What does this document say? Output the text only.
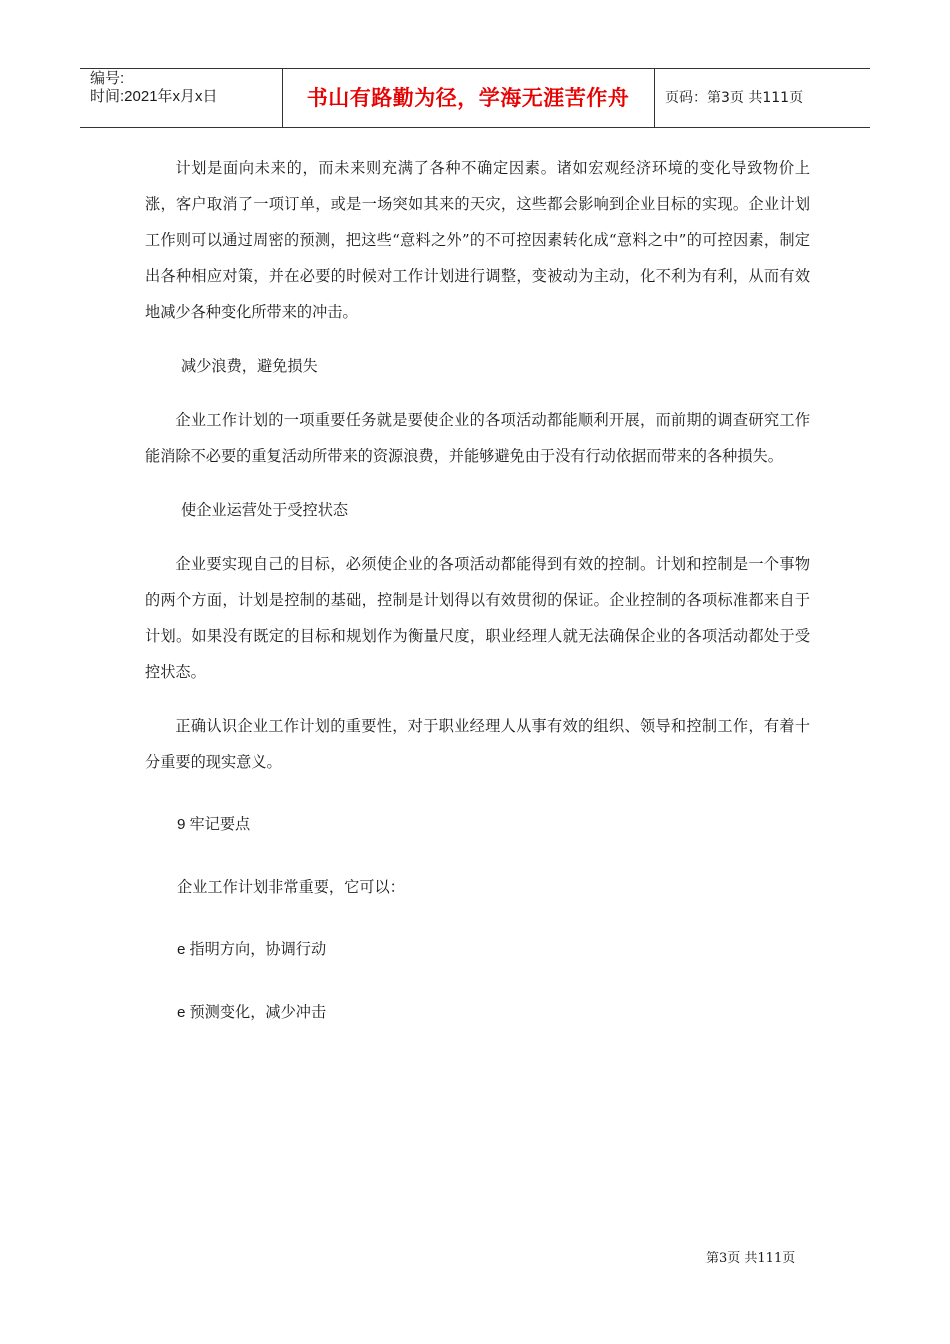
编号:
时间:2021年x月x日	书山有路勤为径，学海无涯苦作舟	页码：第3页 共111页

计划是面向未来的，而未来则充满了各种不确定因素。诸如宏观经济环境的变化导致物价上涨，客户取消了一项订单，或是一场突如其来的天灾，这些都会影响到企业目标的实现。企业计划工作则可以通过周密的预测，把这些“意料之外”的不可控因素转化成“意料之中”的可控因素，制定出各种相应对策，并在必要的时候对工作计划进行调整，变被动为主动，化不利为有利，从而有效地减少各种变化所带来的冲击。

减少浪费，避免损失

企业工作计划的一项重要任务就是要使企业的各项活动都能顺利开展，而前期的调查研究工作能消除不必要的重复活动所带来的资源浪费，并能够避免由于没有行动依据而带来的各种损失。

使企业运营处于受控状态

企业要实现自己的目标，必须使企业的各项活动都能得到有效的控制。计划和控制是一个事物的两个方面，计划是控制的基础，控制是计划得以有效贯彻的保证。企业控制的各项标准都来自于计划。如果没有既定的目标和规划作为衡量尺度，职业经理人就无法确保企业的各项活动都处于受控状态。

正确认识企业工作计划的重要性，对于职业经理人从事有效的组织、领导和控制工作，有着十分重要的现实意义。

9 牢记要点

企业工作计划非常重要，它可以：

e 指明方向，协调行动

e 预测变化，减少冲击

第3页 共111页
